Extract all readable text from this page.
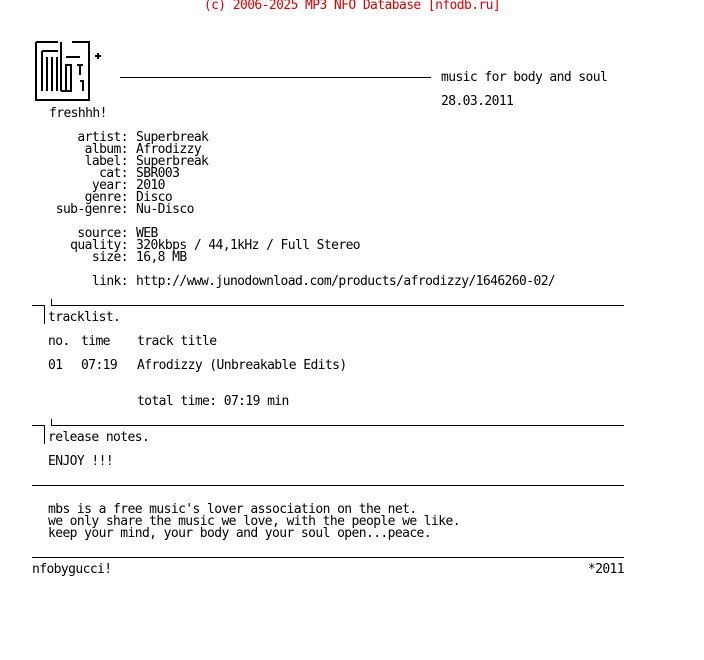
(c) 2006-2025 MP3 NFO Database [nfodb.ru]
music for body and soul
28.03.2011
freshhh!
artist: Superbreak
album: Afrodizzy
label: Superbreak
cat: SBR003
year: 2010
genre: Disco
sub-genre: Nu-Disco
source: WEB
quality: 320kbps / 44,1kHz / Full Stereo
size: 16,8 MB
link: http://www.junodownload.com/products/afrodizzy/1646260-02/
tracklist.
no. time track title
01 07:19 Afrodizzy (Unbreakable Edits)
total time: 07:19 min
release notes.
ENJOY !!!
mbs is a free music's lover association on the net.
we only share the music we love, with the people we like.
keep your mind, your body and your soul open...peace.
nfobygucci!	*2011
